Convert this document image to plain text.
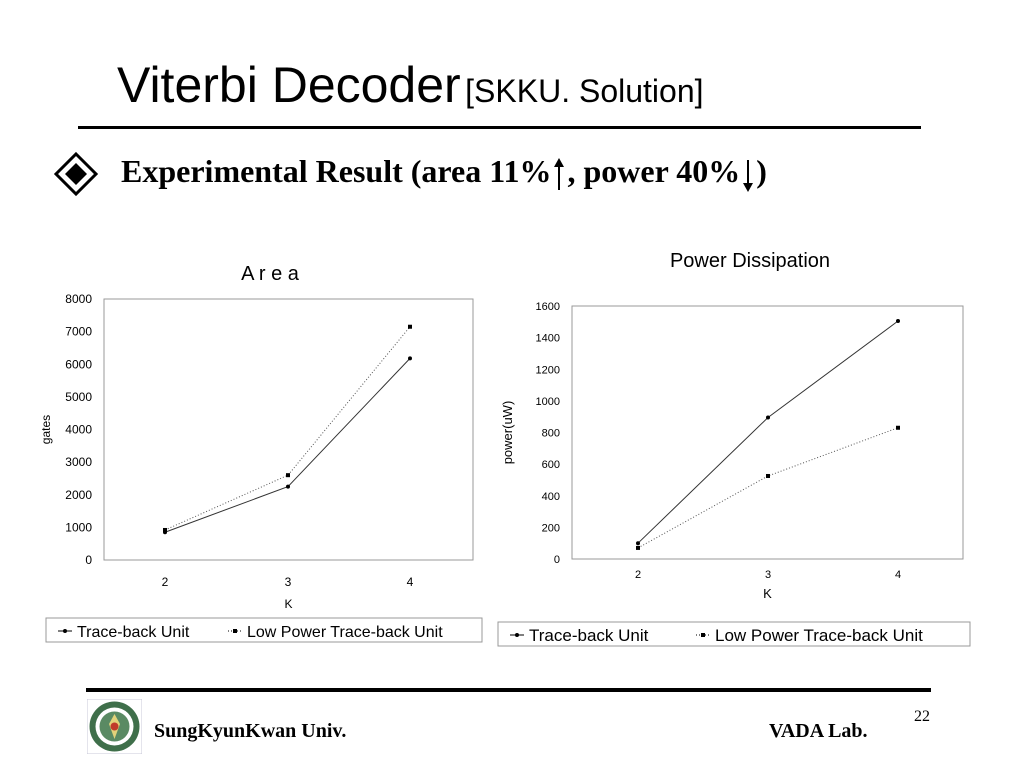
Viterbi Decoder [SKKU. Solution]
Experimental Result (area 11% , power 40% )
A r e a
0
1000
2000
3000
4000
5000
6000
7000
8000
2	3	4
K
gates
Trace-back Unit	Low Power Trace-back Unit
Power Dissipation
0
200
400
600
800
1000
1200
1400
1600
2	3	4
K
power(uW)
Trace-back Unit	Low Power Trace-back Unit
SungKyunKwan Univ.	VADA Lab.
22
